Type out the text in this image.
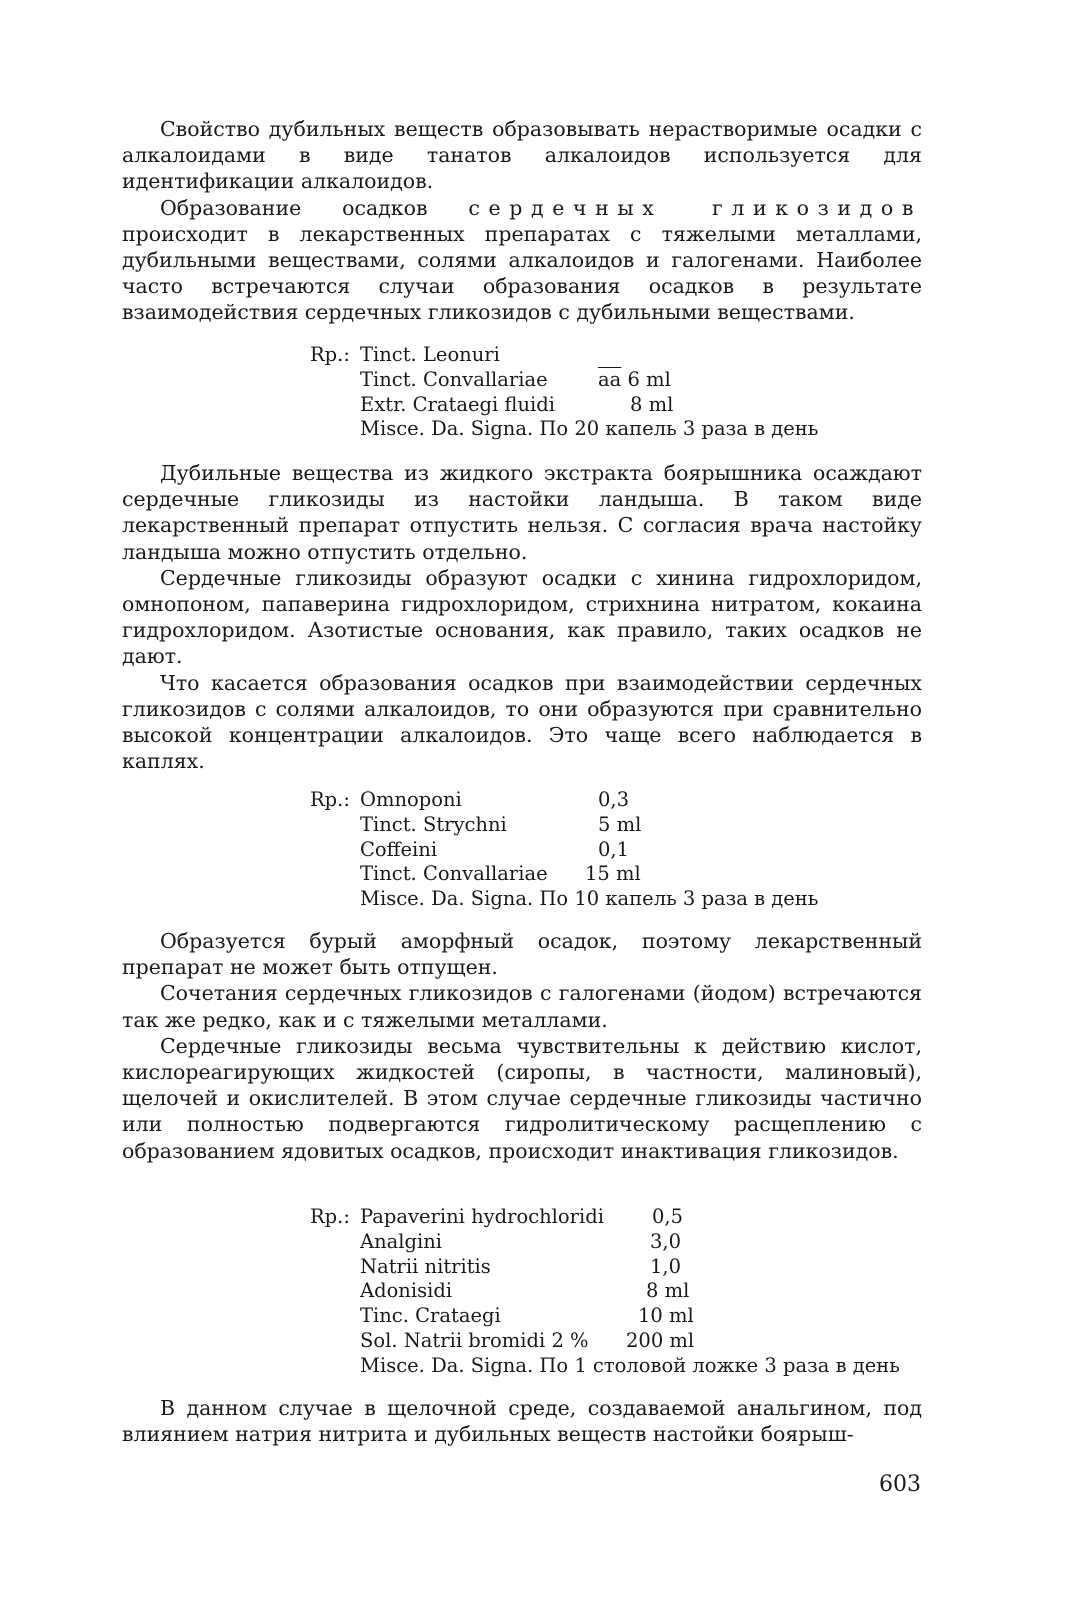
Свойство дубильных веществ образовывать нерастворимые осадки с алкалоидами в виде танатов алкалоидов используется для идентификации алкалоидов.

Образование осадков сердечных гликозидов происходит в лекарственных препаратах с тяжелыми металлами, дубильными веществами, солями алкалоидов и галогенами. Наиболее часто встречаются случаи образования осадков в результате взаимодействия сердечных гликозидов с дубильными веществами.

Rp.: Tinct. Leonuri
Tinct. Convallariae	аа 6 ml
Extr. Crataegi fluidi	8 ml
Misce. Da. Signa. По 20 капель 3 раза в день

Дубильные вещества из жидкого экстракта боярышника осаждают сердечные гликозиды из настойки ландыша. В таком виде лекарственный препарат отпустить нельзя. С согласия врача настойку ландыша можно отпустить отдельно.

Сердечные гликозиды образуют осадки с хинина гидрохлоридом, омнопоном, папаверина гидрохлоридом, стрихнина нитратом, кокаина гидрохлоридом. Азотистые основания, как правило, таких осадков не дают.

Что касается образования осадков при взаимодействии сердечных гликозидов с солями алкалоидов, то они образуются при сравнительно высокой концентрации алкалоидов. Это чаще всего наблюдается в каплях.

Rp.: Omnoponi	0,3
Tinct. Strychni	5 ml
Coffeini	0,1
Tinct. Convallariae 15 ml
Misce. Da. Signa. По 10 капель 3 раза в день

Образуется бурый аморфный осадок, поэтому лекарственный препарат не может быть отпущен.

Сочетания сердечных гликозидов с галогенами (йодом) встречаются так же редко, как и с тяжелыми металлами.

Сердечные гликозиды весьма чувствительны к действию кислот, кислореагирующих жидкостей (сиропы, в частности, малиновый), щелочей и окислителей. В этом случае сердечные гликозиды частично или полностью подвергаются гидролитическому расщеплению с образованием ядовитых осадков, происходит инактивация гликозидов.

Rp.: Papaverini hydrochloridi 0,5
Analgini	3,0
Natrii nitritis	1,0
Adonisidi	8 ml
Tinc. Crataegi	10 ml
Sol. Natrii bromidi 2 % 200 ml
Misce. Da. Signa. По 1 столовой ложке 3 раза в день

В данном случае в щелочной среде, создаваемой анальгином, под влиянием натрия нитрита и дубильных веществ настойки боярыш-

603
